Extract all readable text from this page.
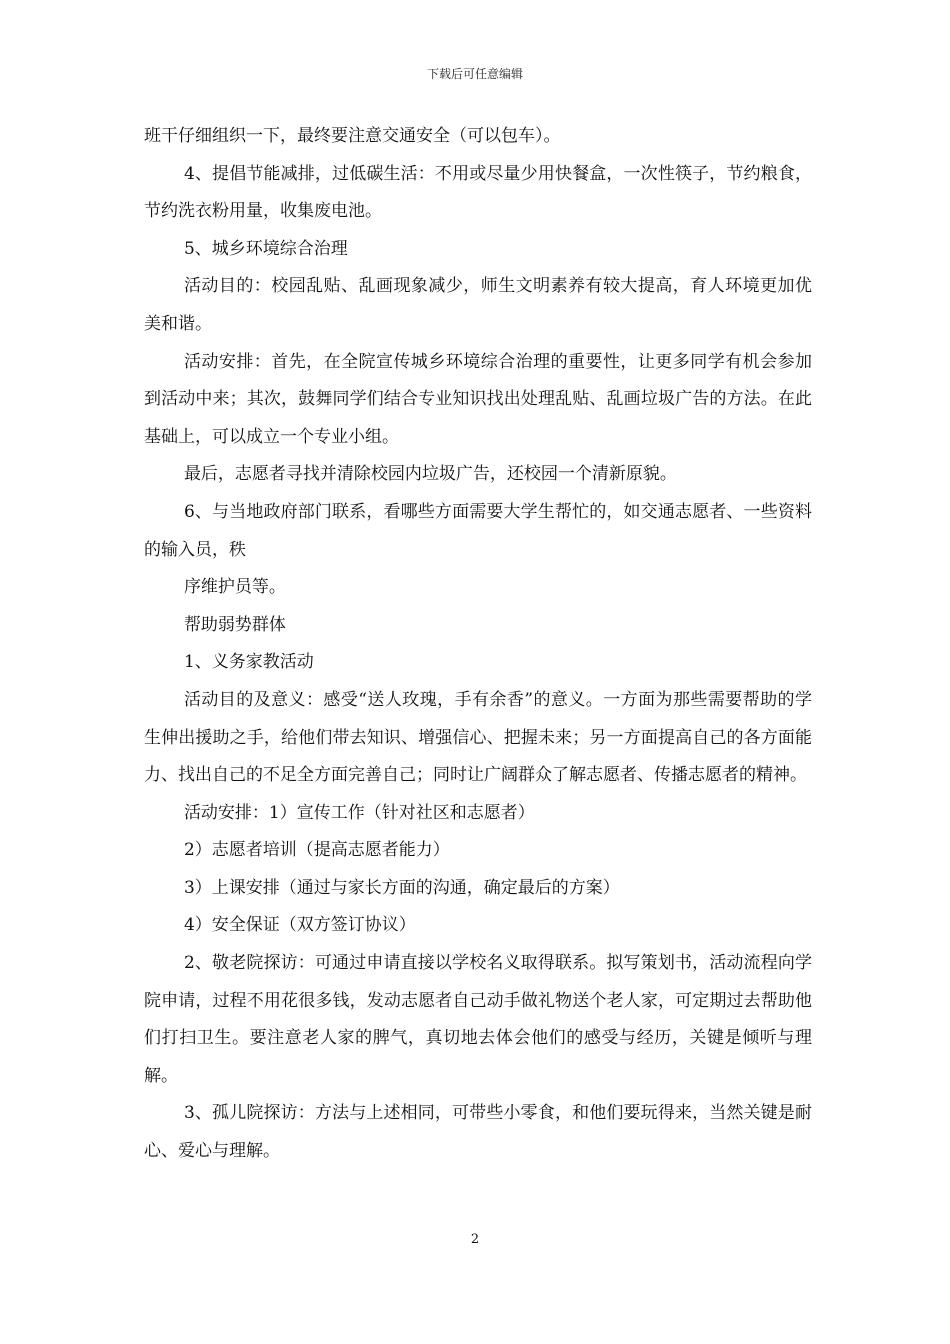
下载后可任意编辑

班干仔细组织一下，最终要注意交通安全（可以包车）。

4、提倡节能减排，过低碳生活：不用或尽量少用快餐盒，一次性筷子，节约粮食，节约洗衣粉用量，收集废电池。

5、城乡环境综合治理

活动目的：校园乱贴、乱画现象减少，师生文明素养有较大提高，育人环境更加优美和谐。

活动安排：首先，在全院宣传城乡环境综合治理的重要性，让更多同学有机会参加到活动中来；其次，鼓舞同学们结合专业知识找出处理乱贴、乱画垃圾广告的方法。在此基础上，可以成立一个专业小组。

最后，志愿者寻找并清除校园内垃圾广告，还校园一个清新原貌。

6、与当地政府部门联系，看哪些方面需要大学生帮忙的，如交通志愿者、一些资料的输入员，秩

序维护员等。

帮助弱势群体

1、义务家教活动

活动目的及意义：感受“送人玫瑰，手有余香”的意义。一方面为那些需要帮助的学生伸出援助之手，给他们带去知识、增强信心、把握未来；另一方面提高自己的各方面能力、找出自己的不足全方面完善自己；同时让广阔群众了解志愿者、传播志愿者的精神。

活动安排：1）宣传工作（针对社区和志愿者）

2）志愿者培训（提高志愿者能力）

3）上课安排（通过与家长方面的沟通，确定最后的方案）

4）安全保证（双方签订协议）

2、敬老院探访：可通过申请直接以学校名义取得联系。拟写策划书，活动流程向学院申请，过程不用花很多钱，发动志愿者自己动手做礼物送个老人家，可定期过去帮助他们打扫卫生。要注意老人家的脾气，真切地去体会他们的感受与经历，关键是倾听与理解。

3、孤儿院探访：方法与上述相同，可带些小零食，和他们要玩得来，当然关键是耐心、爱心与理解。

2
